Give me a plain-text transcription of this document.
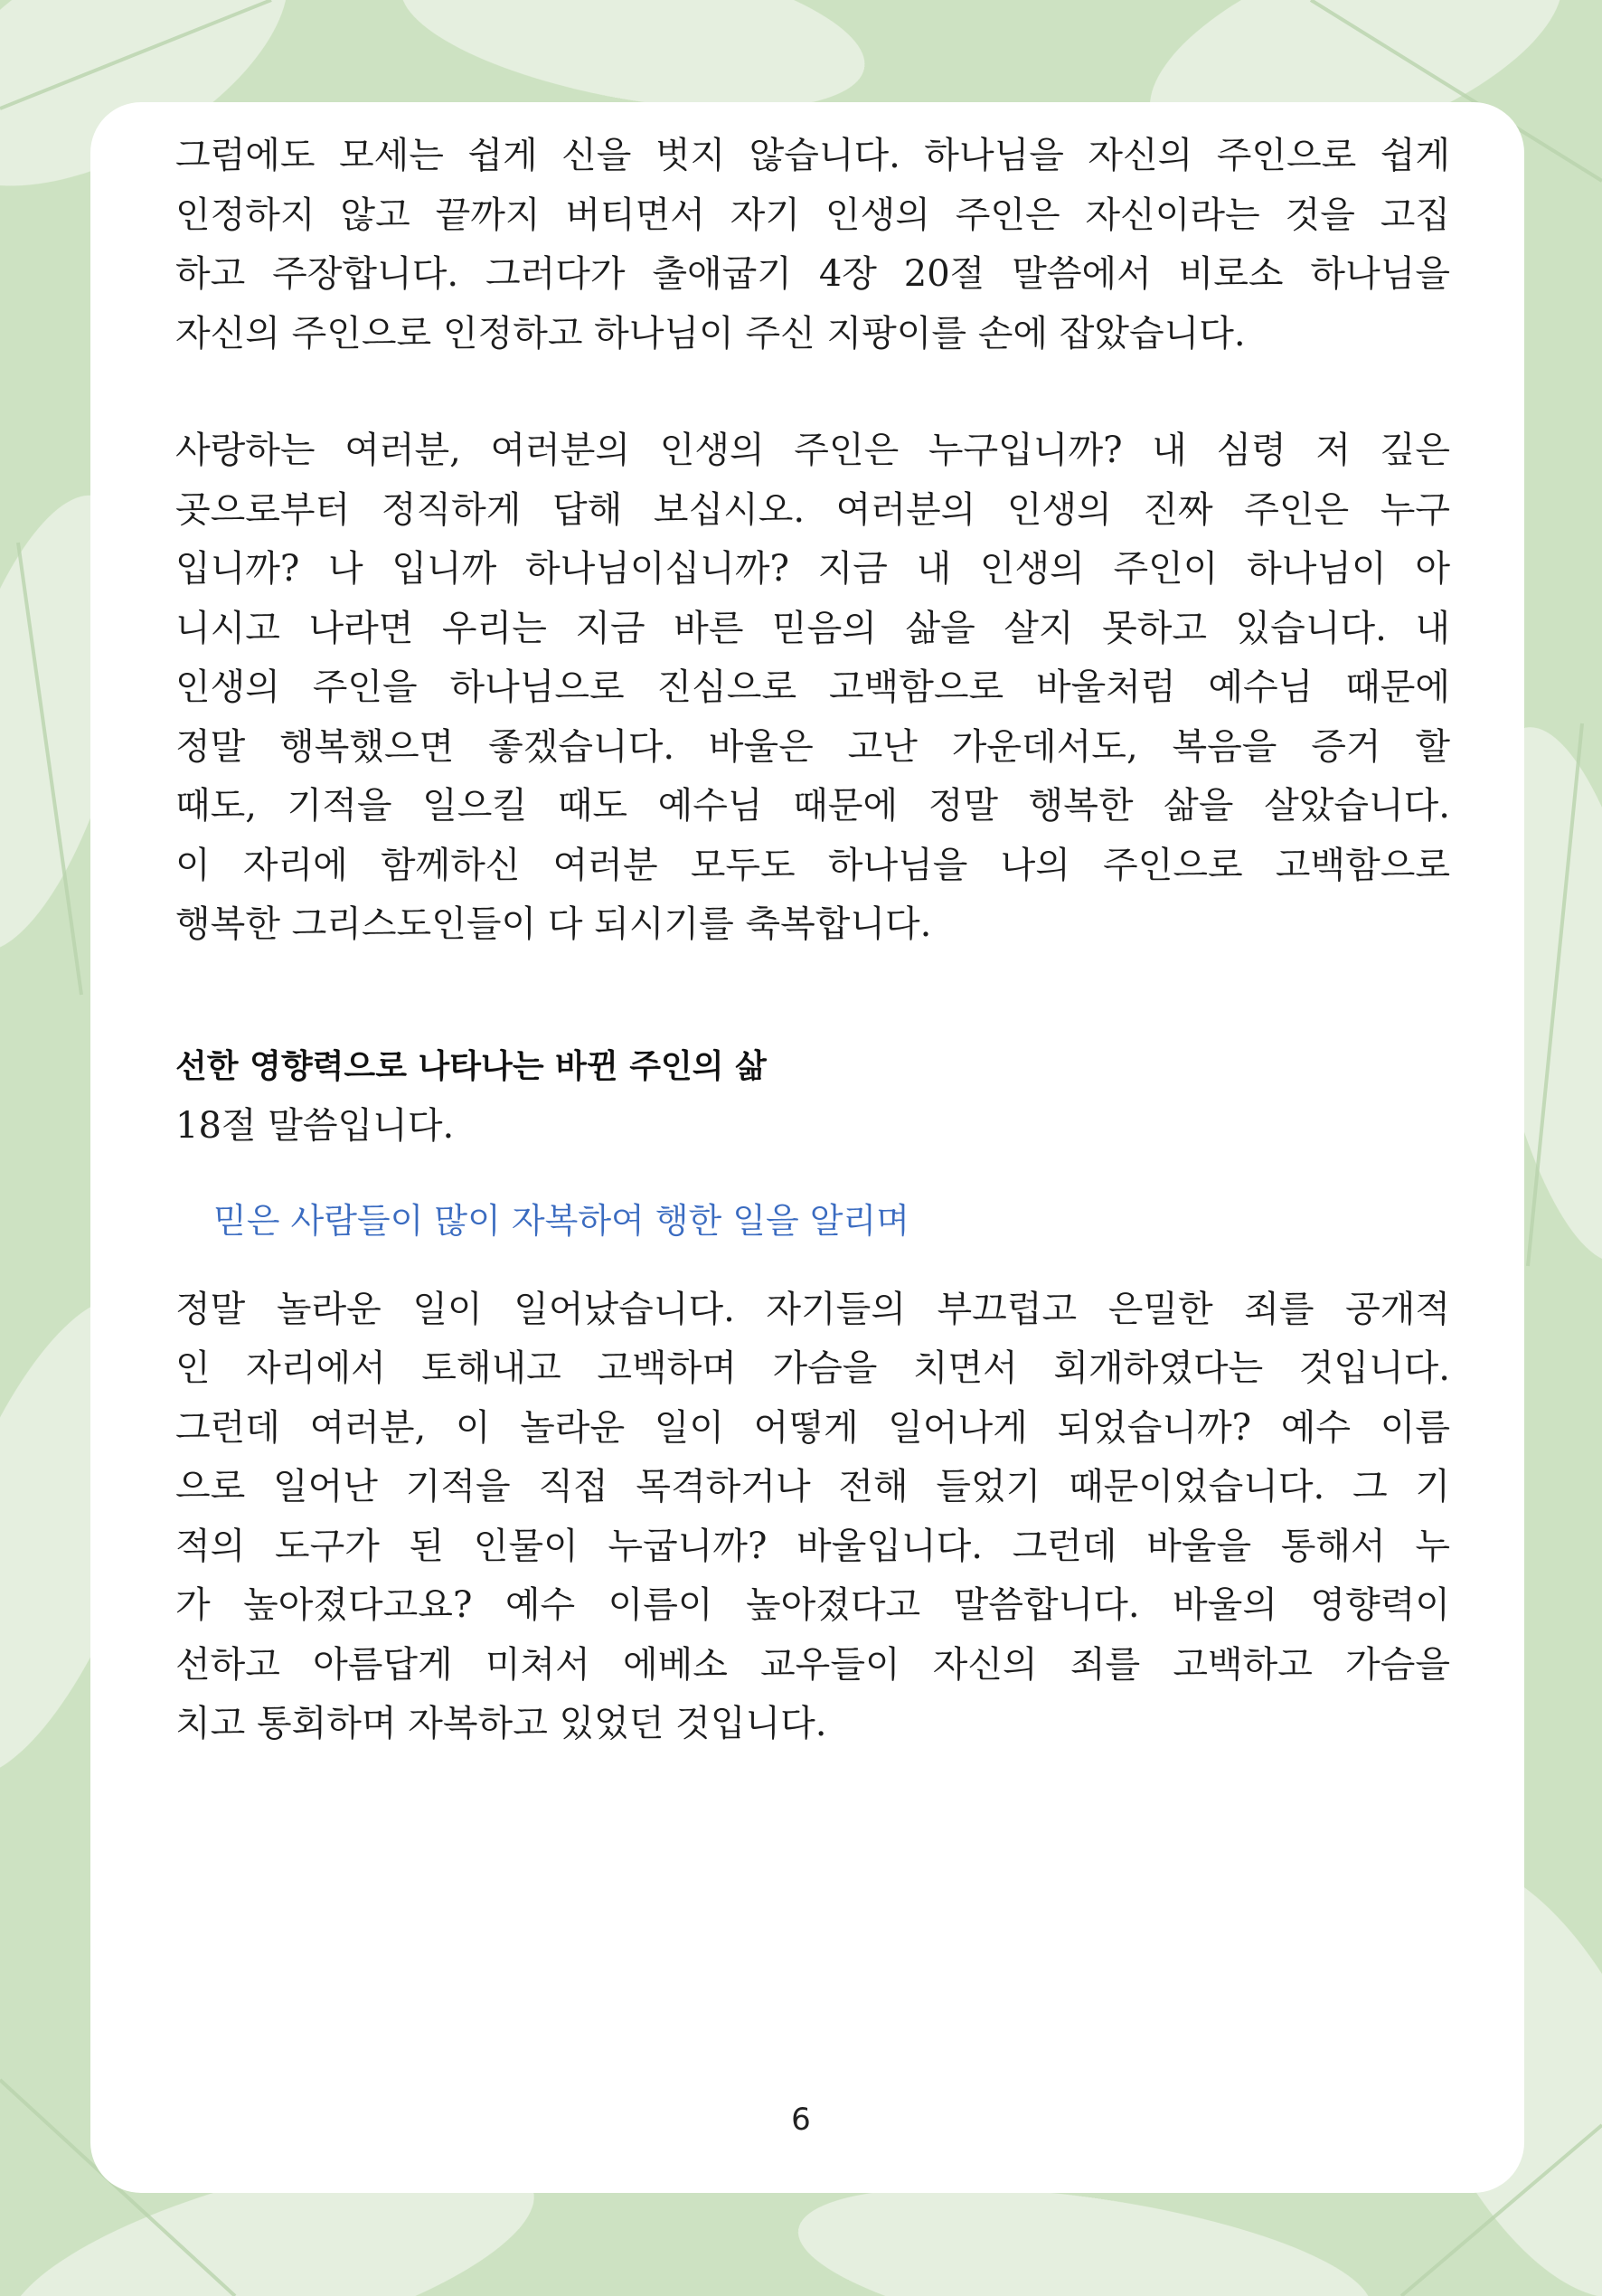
그럼에도 모세는 쉽게 신을 벗지 않습니다. 하나님을 자신의 주인으로 쉽게
인정하지 않고 끝까지 버티면서 자기 인생의 주인은 자신이라는 것을 고집
하고 주장합니다. 그러다가 출애굽기 4장 20절 말씀에서 비로소 하나님을
자신의 주인으로 인정하고 하나님이 주신 지팡이를 손에 잡았습니다.
사랑하는 여러분, 여러분의 인생의 주인은 누구입니까? 내 심령 저 깊은
곳으로부터 정직하게 답해 보십시오. 여러분의 인생의 진짜 주인은 누구
입니까? 나 입니까 하나님이십니까? 지금 내 인생의 주인이 하나님이 아
니시고 나라면 우리는 지금 바른 믿음의 삶을 살지 못하고 있습니다. 내
인생의 주인을 하나님으로 진심으로 고백함으로 바울처럼 예수님 때문에
정말 행복했으면 좋겠습니다. 바울은 고난 가운데서도, 복음을 증거 할
때도, 기적을 일으킬 때도 예수님 때문에 정말 행복한 삶을 살았습니다.
이 자리에 함께하신 여러분 모두도 하나님을 나의 주인으로 고백함으로
행복한 그리스도인들이 다 되시기를 축복합니다.
선한 영향력으로 나타나는 바뀐 주인의 삶

18절 말씀입니다.

믿은 사람들이 많이 자복하여 행한 일을 알리며

정말 놀라운 일이 일어났습니다. 자기들의 부끄럽고 은밀한 죄를 공개적
인 자리에서 토해내고 고백하며 가슴을 치면서 회개하였다는 것입니다.
그런데 여러분, 이 놀라운 일이 어떻게 일어나게 되었습니까? 예수 이름
으로 일어난 기적을 직접 목격하거나 전해 들었기 때문이었습니다. 그 기
적의 도구가 된 인물이 누굽니까? 바울입니다. 그런데 바울을 통해서 누
가 높아졌다고요? 예수 이름이 높아졌다고 말씀합니다. 바울의 영향력이
선하고 아름답게 미쳐서 에베소 교우들이 자신의 죄를 고백하고 가슴을
치고 통회하며 자복하고 있었던 것입니다.
6
